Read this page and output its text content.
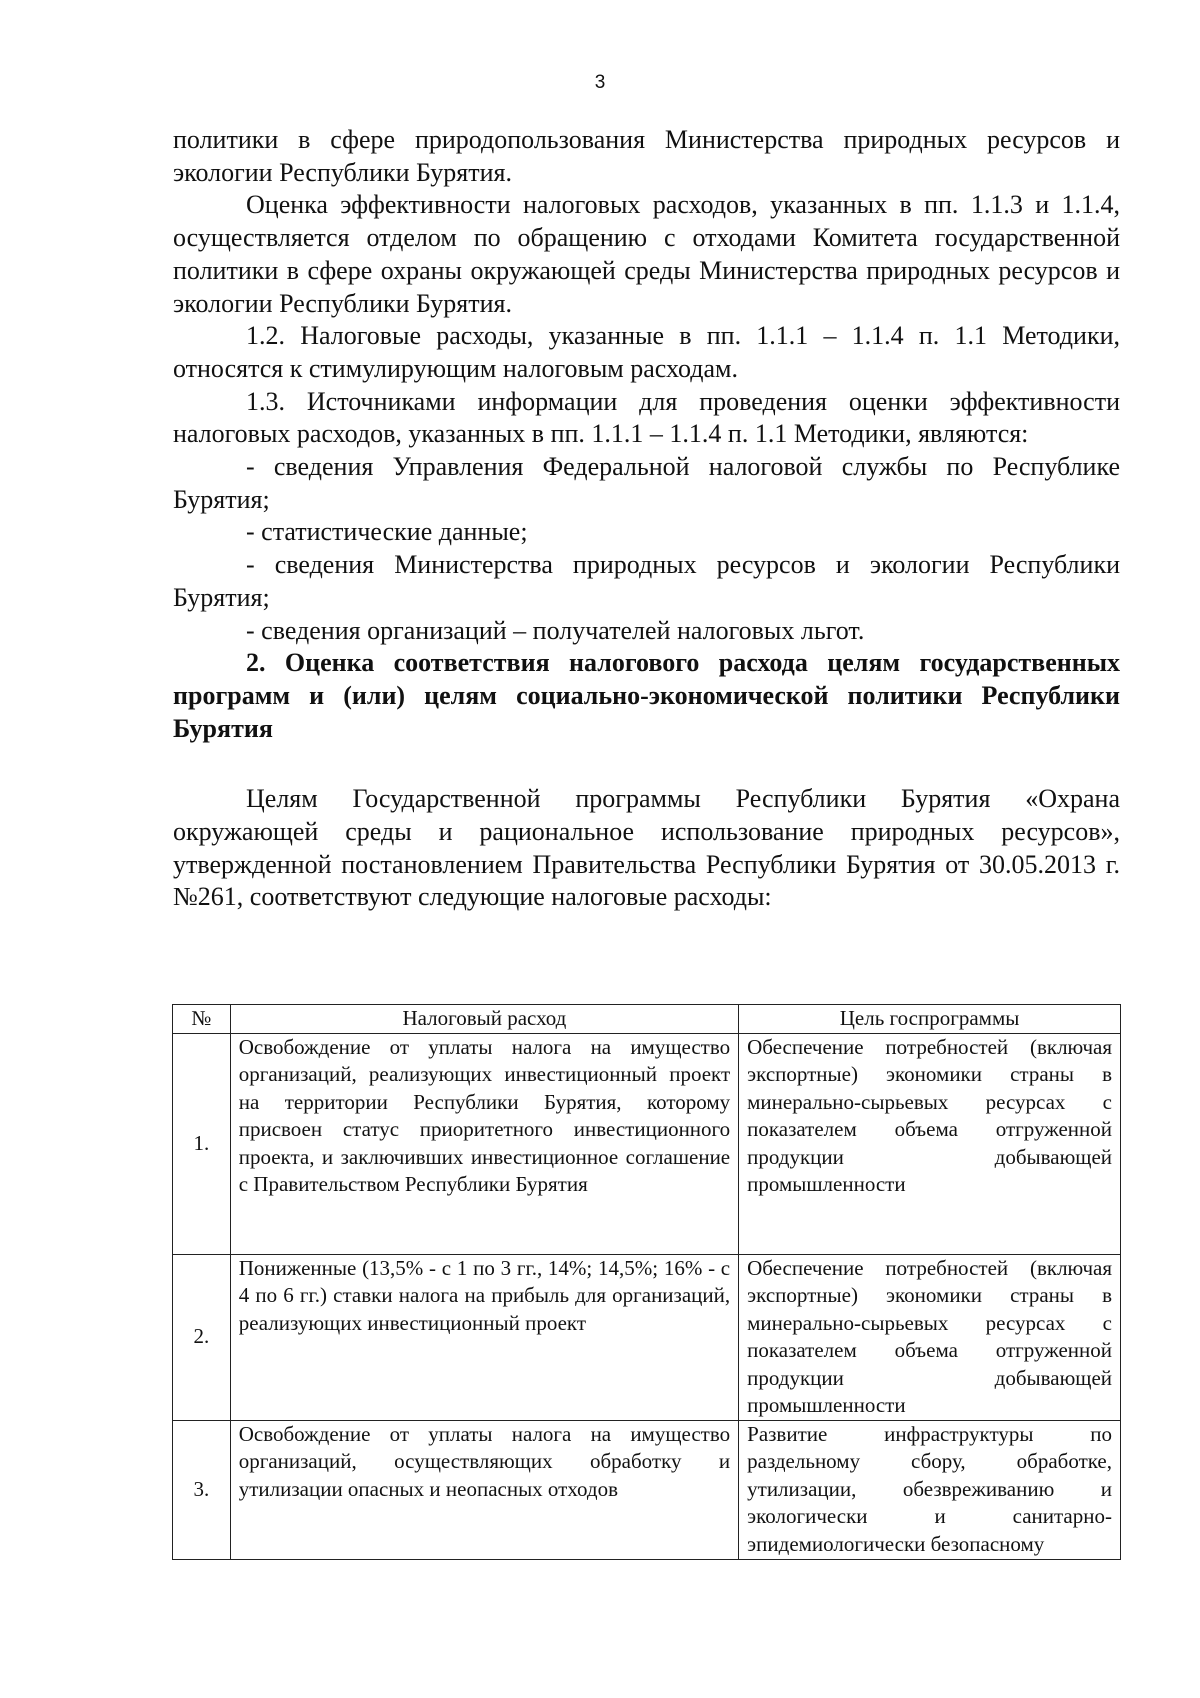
3

политики в сфере природопользования Министерства природных ресурсов и экологии Республики Бурятия.

Оценка эффективности налоговых расходов, указанных в пп. 1.1.3 и 1.1.4, осуществляется отделом по обращению с отходами Комитета государственной политики в сфере охраны окружающей среды Министерства природных ресурсов и экологии Республики Бурятия.

1.2. Налоговые расходы, указанные в пп. 1.1.1 – 1.1.4 п. 1.1 Методики, относятся к стимулирующим налоговым расходам.

1.3. Источниками информации для проведения оценки эффективности налоговых расходов, указанных в пп. 1.1.1 – 1.1.4 п. 1.1 Методики, являются:

- сведения Управления Федеральной налоговой службы по Республике Бурятия;

- статистические данные;

- сведения Министерства природных ресурсов и экологии Республики Бурятия;

- сведения организаций – получателей налоговых льгот.

2. Оценка соответствия налогового расхода целям государственных программ и (или) целям социально-экономической политики Республики Бурятия

Целям Государственной программы Республики Бурятия «Охрана окружающей среды и рациональное использование природных ресурсов», утвержденной постановлением Правительства Республики Бурятия от 30.05.2013 г. №261, соответствуют следующие налоговые расходы:

№	Налоговый расход	Цель госпрограммы
1.	Освобождение от уплаты налога на имущество организаций, реализующих инвестиционный проект на территории Республики Бурятия, которому присвоен статус приоритетного инвестиционного проекта, и заключивших инвестиционное соглашение с Правительством Республики Бурятия	Обеспечение потребностей (включая экспортные) экономики страны в минерально-сырьевых ресурсах с показателем объема отгруженной продукции добывающей промышленности
2.	Пониженные (13,5% - с 1 по 3 гг., 14%; 14,5%; 16% - с 4 по 6 гг.) ставки налога на прибыль для организаций, реализующих инвестиционный проект	Обеспечение потребностей (включая экспортные) экономики страны в минерально-сырьевых ресурсах с показателем объема отгруженной продукции добывающей промышленности
3.	Освобождение от уплаты налога на имущество организаций, осуществляющих обработку и утилизации опасных и неопасных отходов	Развитие инфраструктуры по раздельному сбору, обработке, утилизации, обезвреживанию и экологически и санитарно-эпидемиологически безопасному
